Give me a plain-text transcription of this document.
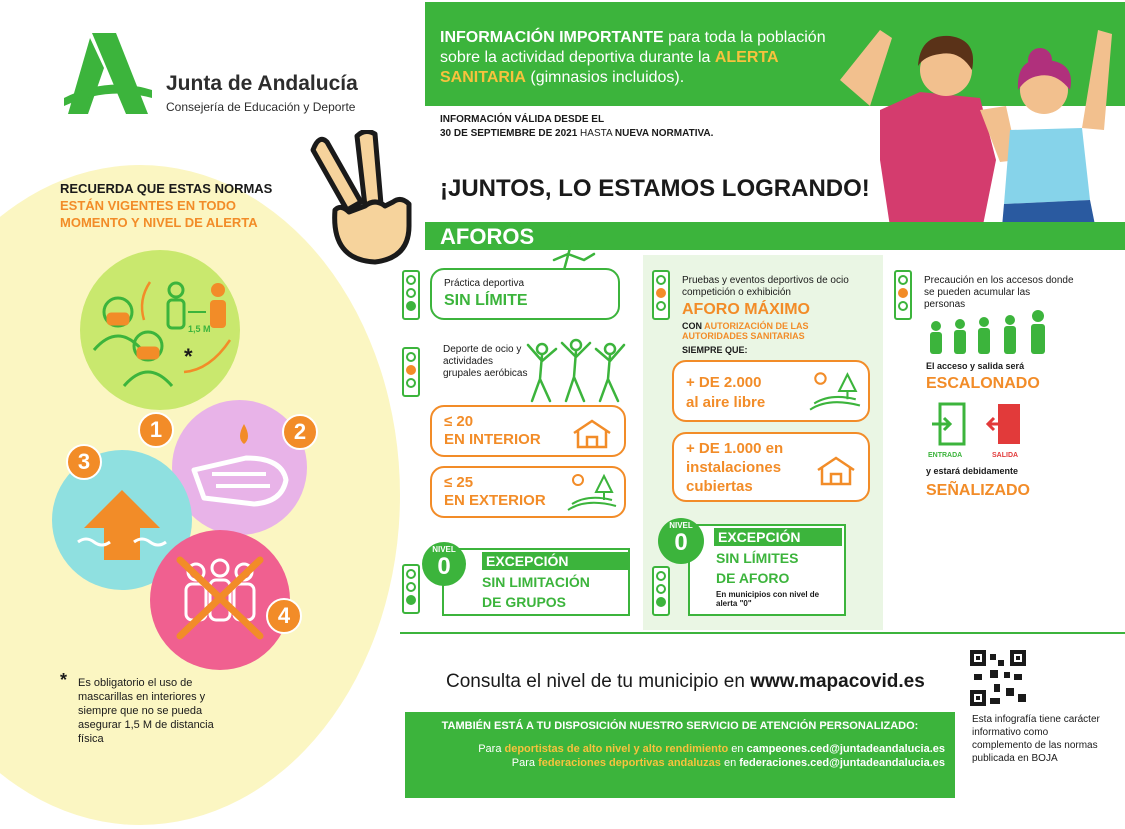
Junta de Andalucía
Consejería de Educación y Deporte
RECUERDA QUE ESTAS NORMAS
ESTÁN VIGENTES EN TODO
MOMENTO Y NIVEL DE ALERTA
1,5 M
*
1	2
3
4
* Es obligatorio el uso de mascarillas en interiores y siempre que no se pueda asegurar 1,5 M de distancia física
INFORMACIÓN IMPORTANTE para toda la población sobre la actividad deportiva durante la ALERTA SANITARIA (gimnasios incluidos).
INFORMACIÓN VÁLIDA DESDE EL
30 DE SEPTIEMBRE DE 2021 HASTA NUEVA NORMATIVA.
¡JUNTOS, LO ESTAMOS LOGRANDO!
AFOROS
Práctica deportiva
SIN LÍMITE
Deporte de ocio y actividades grupales aeróbicas
≤ 20
EN INTERIOR
≤ 25
EN EXTERIOR
NIVEL
0	EXCEPCIÓN
SIN LIMITACIÓN
DE GRUPOS
Pruebas y eventos deportivos de ocio competición o exhibición
AFORO MÁXIMO
CON AUTORIZACIÓN DE LAS AUTORIDADES SANITARIAS
SIEMPRE QUE:
+ DE 2.000
al aire libre
+ DE 1.000 en
instalaciones
cubiertas
NIVEL
0	EXCEPCIÓN
SIN LÍMITES
DE AFORO
En municipios con nivel de alerta "0"
Precaución en los accesos donde se pueden acumular las personas
El acceso y salida será
ESCALONADO
ENTRADA	SALIDA
y estará debidamente
SEÑALIZADO
Consulta el nivel de tu municipio en www.mapacovid.es
TAMBIÉN ESTÁ A TU DISPOSICIÓN NUESTRO SERVICIO DE ATENCIÓN PERSONALIZADO:
Para deportistas de alto nivel y alto rendimiento en campeones.ced@juntadeandalucia.es
Para federaciones deportivas andaluzas en federaciones.ced@juntadeandalucia.es
Esta infografía tiene carácter informativo como complemento de las normas publicada en BOJA
